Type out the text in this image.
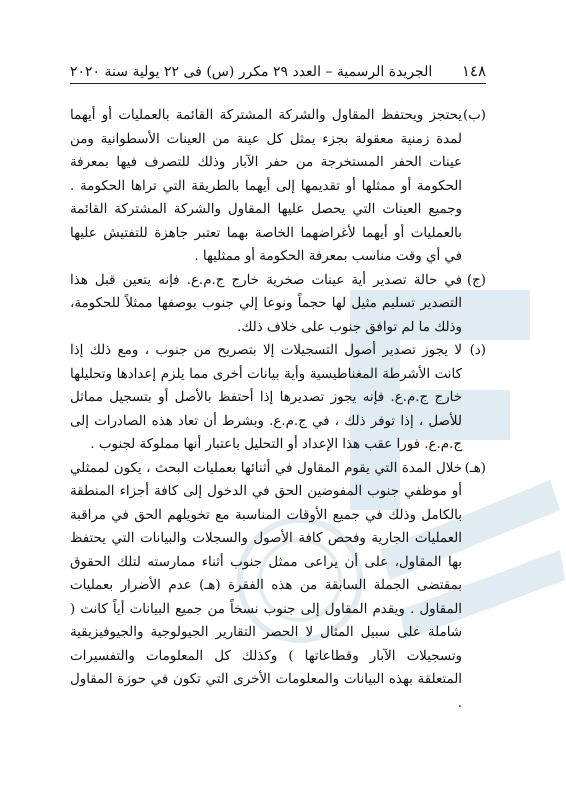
١٤٨
الجريدة الرسمية – العدد ٢٩ مكرر (س) فى ٢٢ يولية سنة ٢٠٢٠
(ب)
يحتجز ويحتفظ المقاول والشركة المشتركة القائمة بالعمليات أو أيهما لمدة زمنية معقولة بجزء يمثل كل عينة من العينات الأسطوانية ومن عينات الحفر المستخرجة من حفر الآبار وذلك للتصرف فيها بمعرفة الحكومة أو ممثلها أو تقديمها إلى أيهما بالطريقة التي تراها الحكومة . وجميع العينات التي يحصل عليها المقاول والشركة المشتركة القائمة بالعمليات أو أيهما لأغراضهما الخاصة بهما تعتبر جاهزة للتفتيش عليها في أي وقت مناسب بمعرفة الحكومة أو ممثليها .
(ج)
في حالة تصدير أية عينات صخرية خارج ج.م.ع. فإنه يتعين قبل هذا التصدير تسليم مثيل لها حجماً ونوعا إلي جنوب بوصفها ممثلاً للحكومة، وذلك ما لم توافق جنوب على خلاف ذلك.
(د)
لا يجوز تصدير أصول التسجيلات إلا بتصريح من جنوب ، ومع ذلك إذا كانت الأشرطة المغناطيسية وأية بيانات أخرى مما يلزم إعدادها وتحليلها خارج ج.م.ع. فإنه يجوز تصديرها إذا أحتفظ بالأصل أو بتسجيل مماثل للأصل ، إذا توفر ذلك ، في ج.م.ع. وبشرط أن تعاد هذه الصادرات إلى ج.م.ع. فورا عقب هذا الإعداد أو التحليل باعتبار أنها مملوكة لجنوب .
(هـ)
خلال المدة التي يقوم المقاول في أثنائها بعمليات البحث ، يكون لممثلي أو موظفي جنوب المفوضين الحق في الدخول إلى كافة أجزاء المنطقة بالكامل وذلك في جميع الأوقات المناسبة مع تخويلهم الحق في مراقبة العمليات الجارية وفحص كافة الأصول والسجلات والبيانات التي يحتفظ بها المقاول، على أن يراعى ممثل جنوب أثناء ممارسته لتلك الحقوق بمقتضى الجملة السابقة من هذه الفقرة (هـ) عدم الأضرار بعمليات المقاول . ويقدم المقاول إلى جنوب نسخاً من جميع البيانات أياً كانت ( شاملة على سبيل المثال لا الحصر التقارير الجيولوجية والجيوفيزيقية وتسجيلات الآبار وقطاعاتها ) وكذلك كل المعلومات والتفسيرات المتعلقة بهذه البيانات والمعلومات الأخرى التي تكون في حوزة المقاول .
